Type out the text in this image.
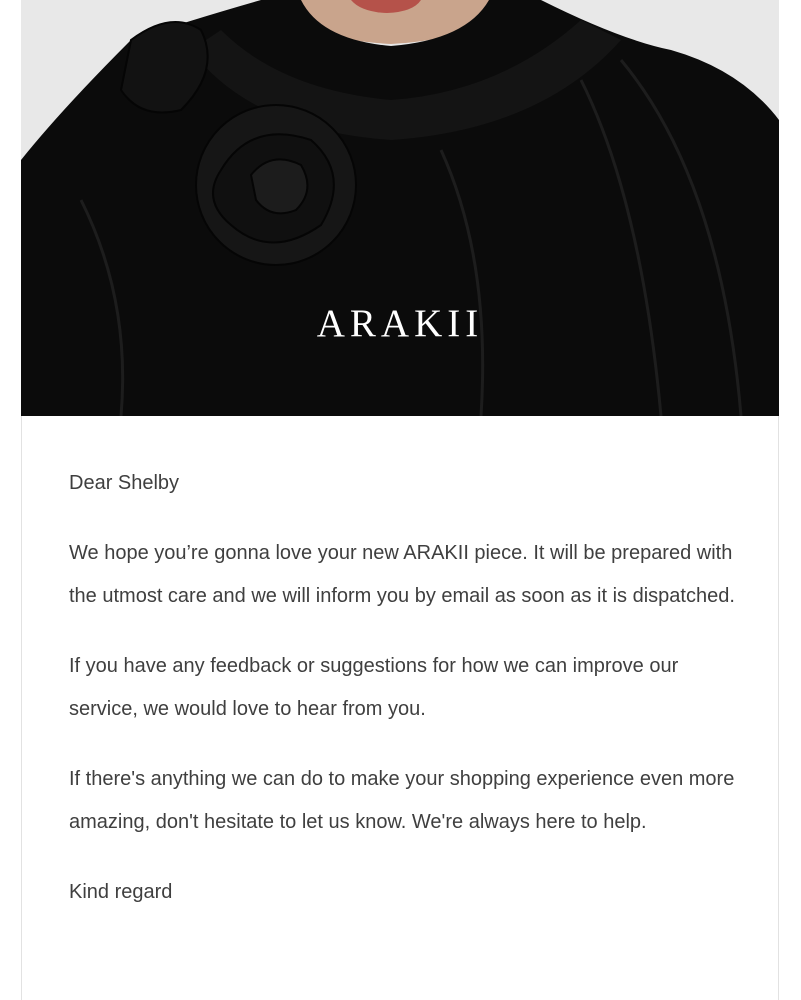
ARAKII

Dear Shelby

We hope you’re gonna love your new ARAKII piece. It will be prepared with the utmost care and we will inform you by email as soon as it is dispatched.

If you have any feedback or suggestions for how we can improve our service, we would love to hear from you.

If there's anything we can do to make your shopping experience even more amazing, don't hesitate to let us know. We're always here to help.

Kind regard
